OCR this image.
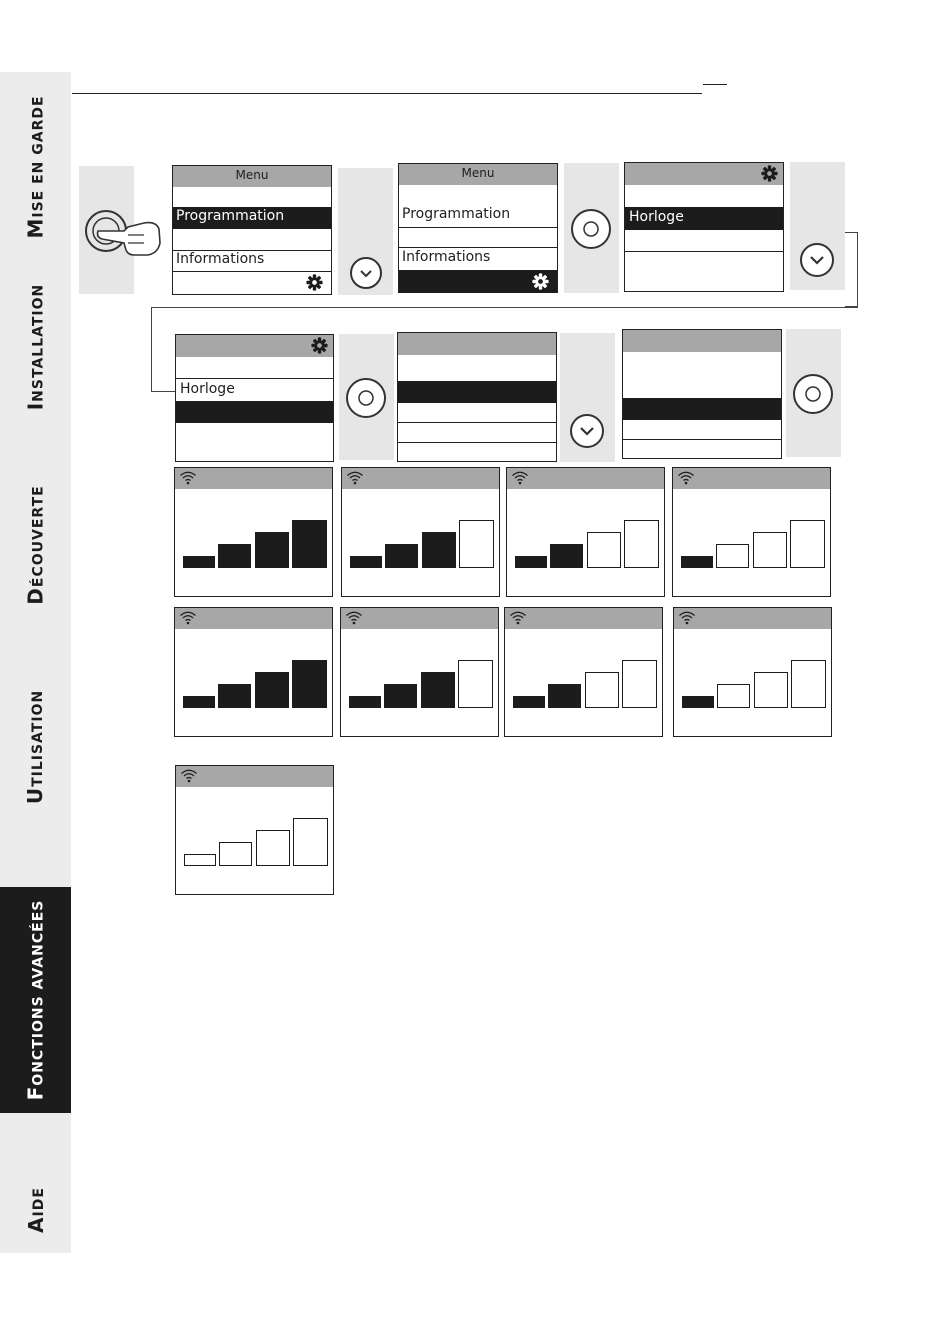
MISE EN GARDE
INSTALLATION
DÉCOUVERTE
UTILISATION
FONCTIONS AVANCÉES
AIDE
Menu
Programmation
Informations
Menu
Programmation
Informations
Horloge
Horloge
